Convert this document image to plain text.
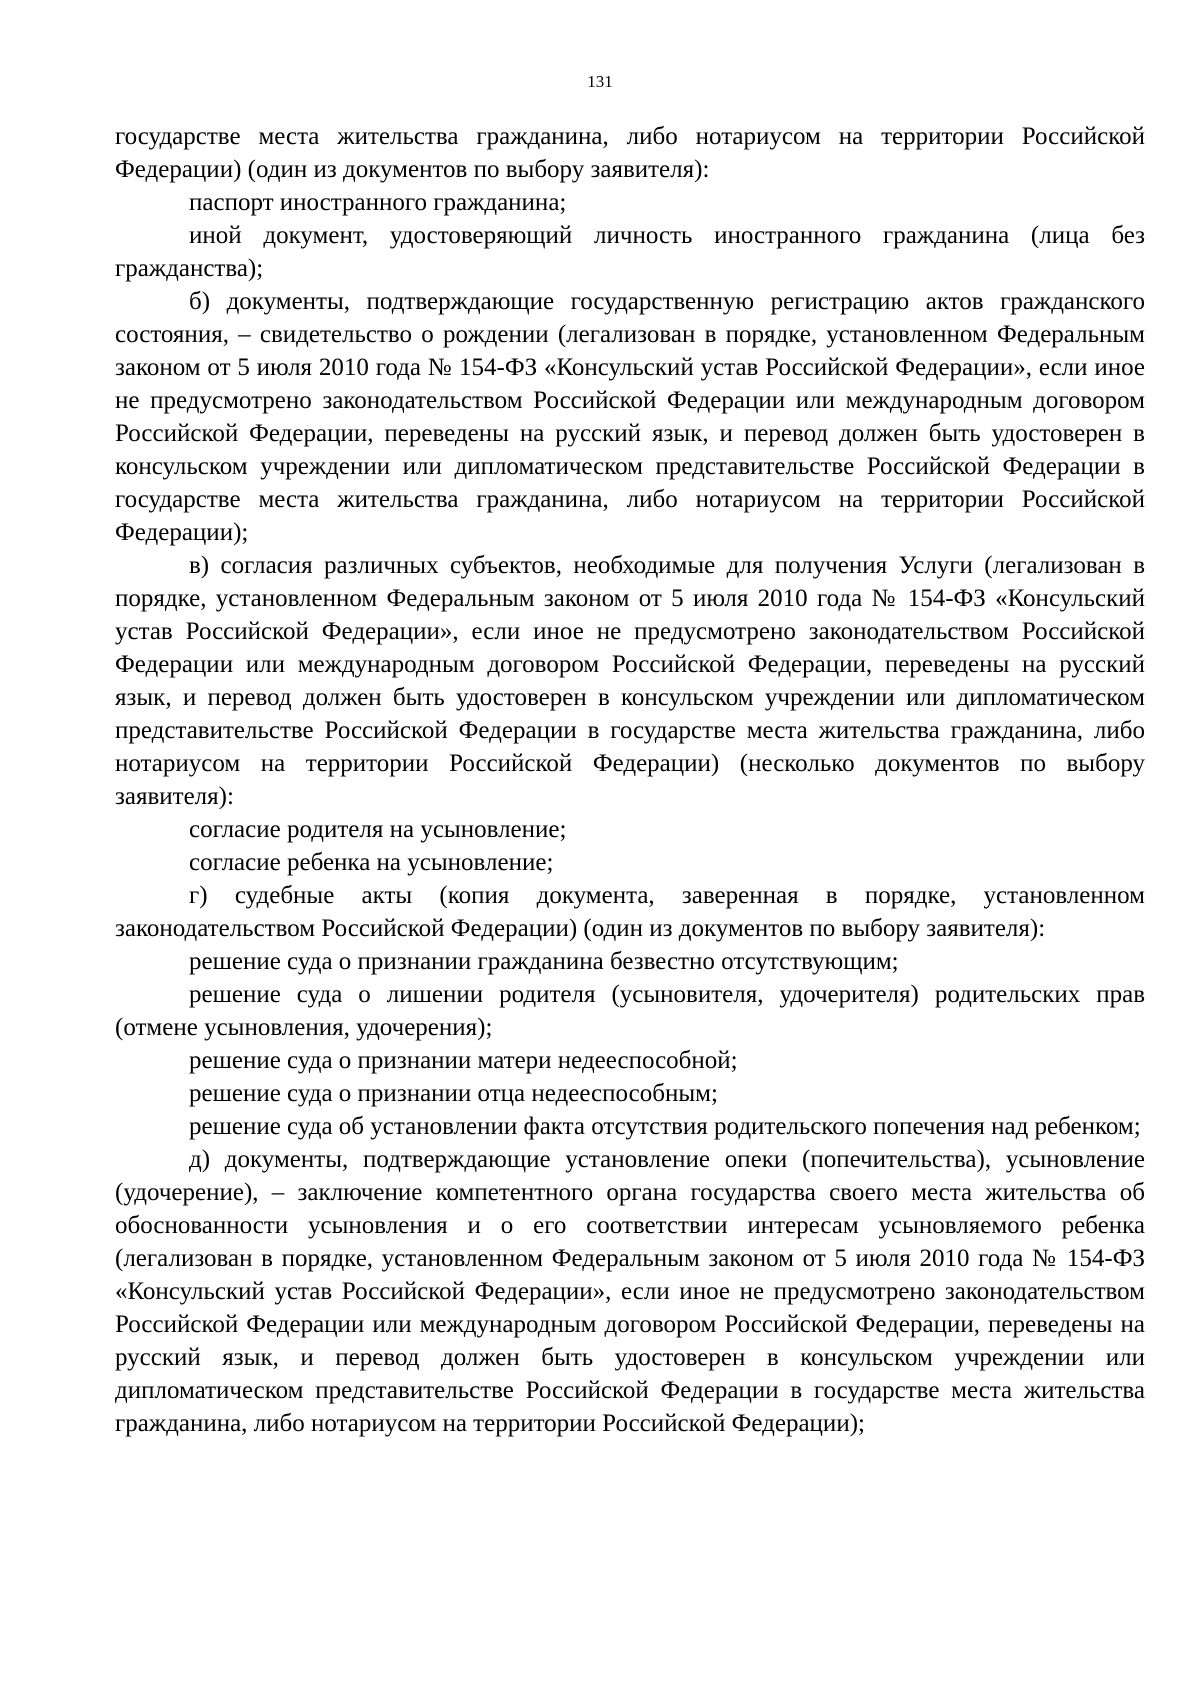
131

государстве места жительства гражданина, либо нотариусом на территории Российской Федерации) (один из документов по выбору заявителя):

паспорт иностранного гражданина;

иной документ, удостоверяющий личность иностранного гражданина (лица без гражданства);

б) документы, подтверждающие государственную регистрацию актов гражданского состояния, – свидетельство о рождении (легализован в порядке, установленном Федеральным законом от 5 июля 2010 года № 154-ФЗ «Консульский устав Российской Федерации», если иное не предусмотрено законодательством Российской Федерации или международным договором Российской Федерации, переведены на русский язык, и перевод должен быть удостоверен в консульском учреждении или дипломатическом представительстве Российской Федерации в государстве места жительства гражданина, либо нотариусом на территории Российской Федерации);

в) согласия различных субъектов, необходимые для получения Услуги (легализован в порядке, установленном Федеральным законом от 5 июля 2010 года № 154-ФЗ «Консульский устав Российской Федерации», если иное не предусмотрено законодательством Российской Федерации или международным договором Российской Федерации, переведены на русский язык, и перевод должен быть удостоверен в консульском учреждении или дипломатическом представительстве Российской Федерации в государстве места жительства гражданина, либо нотариусом на территории Российской Федерации) (несколько документов по выбору заявителя):

согласие родителя на усыновление;

согласие ребенка на усыновление;

г) судебные акты (копия документа, заверенная в порядке, установленном законодательством Российской Федерации) (один из документов по выбору заявителя):

решение суда о признании гражданина безвестно отсутствующим;

решение суда о лишении родителя (усыновителя, удочерителя) родительских прав (отмене усыновления, удочерения);

решение суда о признании матери недееспособной;

решение суда о признании отца недееспособным;

решение суда об установлении факта отсутствия родительского попечения над ребенком;

д) документы, подтверждающие установление опеки (попечительства), усыновление (удочерение), – заключение компетентного органа государства своего места жительства об обоснованности усыновления и о его соответствии интересам усыновляемого ребенка (легализован в порядке, установленном Федеральным законом от 5 июля 2010 года № 154-ФЗ «Консульский устав Российской Федерации», если иное не предусмотрено законодательством Российской Федерации или международным договором Российской Федерации, переведены на русский язык, и перевод должен быть удостоверен в консульском учреждении или дипломатическом представительстве Российской Федерации в государстве места жительства гражданина, либо нотариусом на территории Российской Федерации);
